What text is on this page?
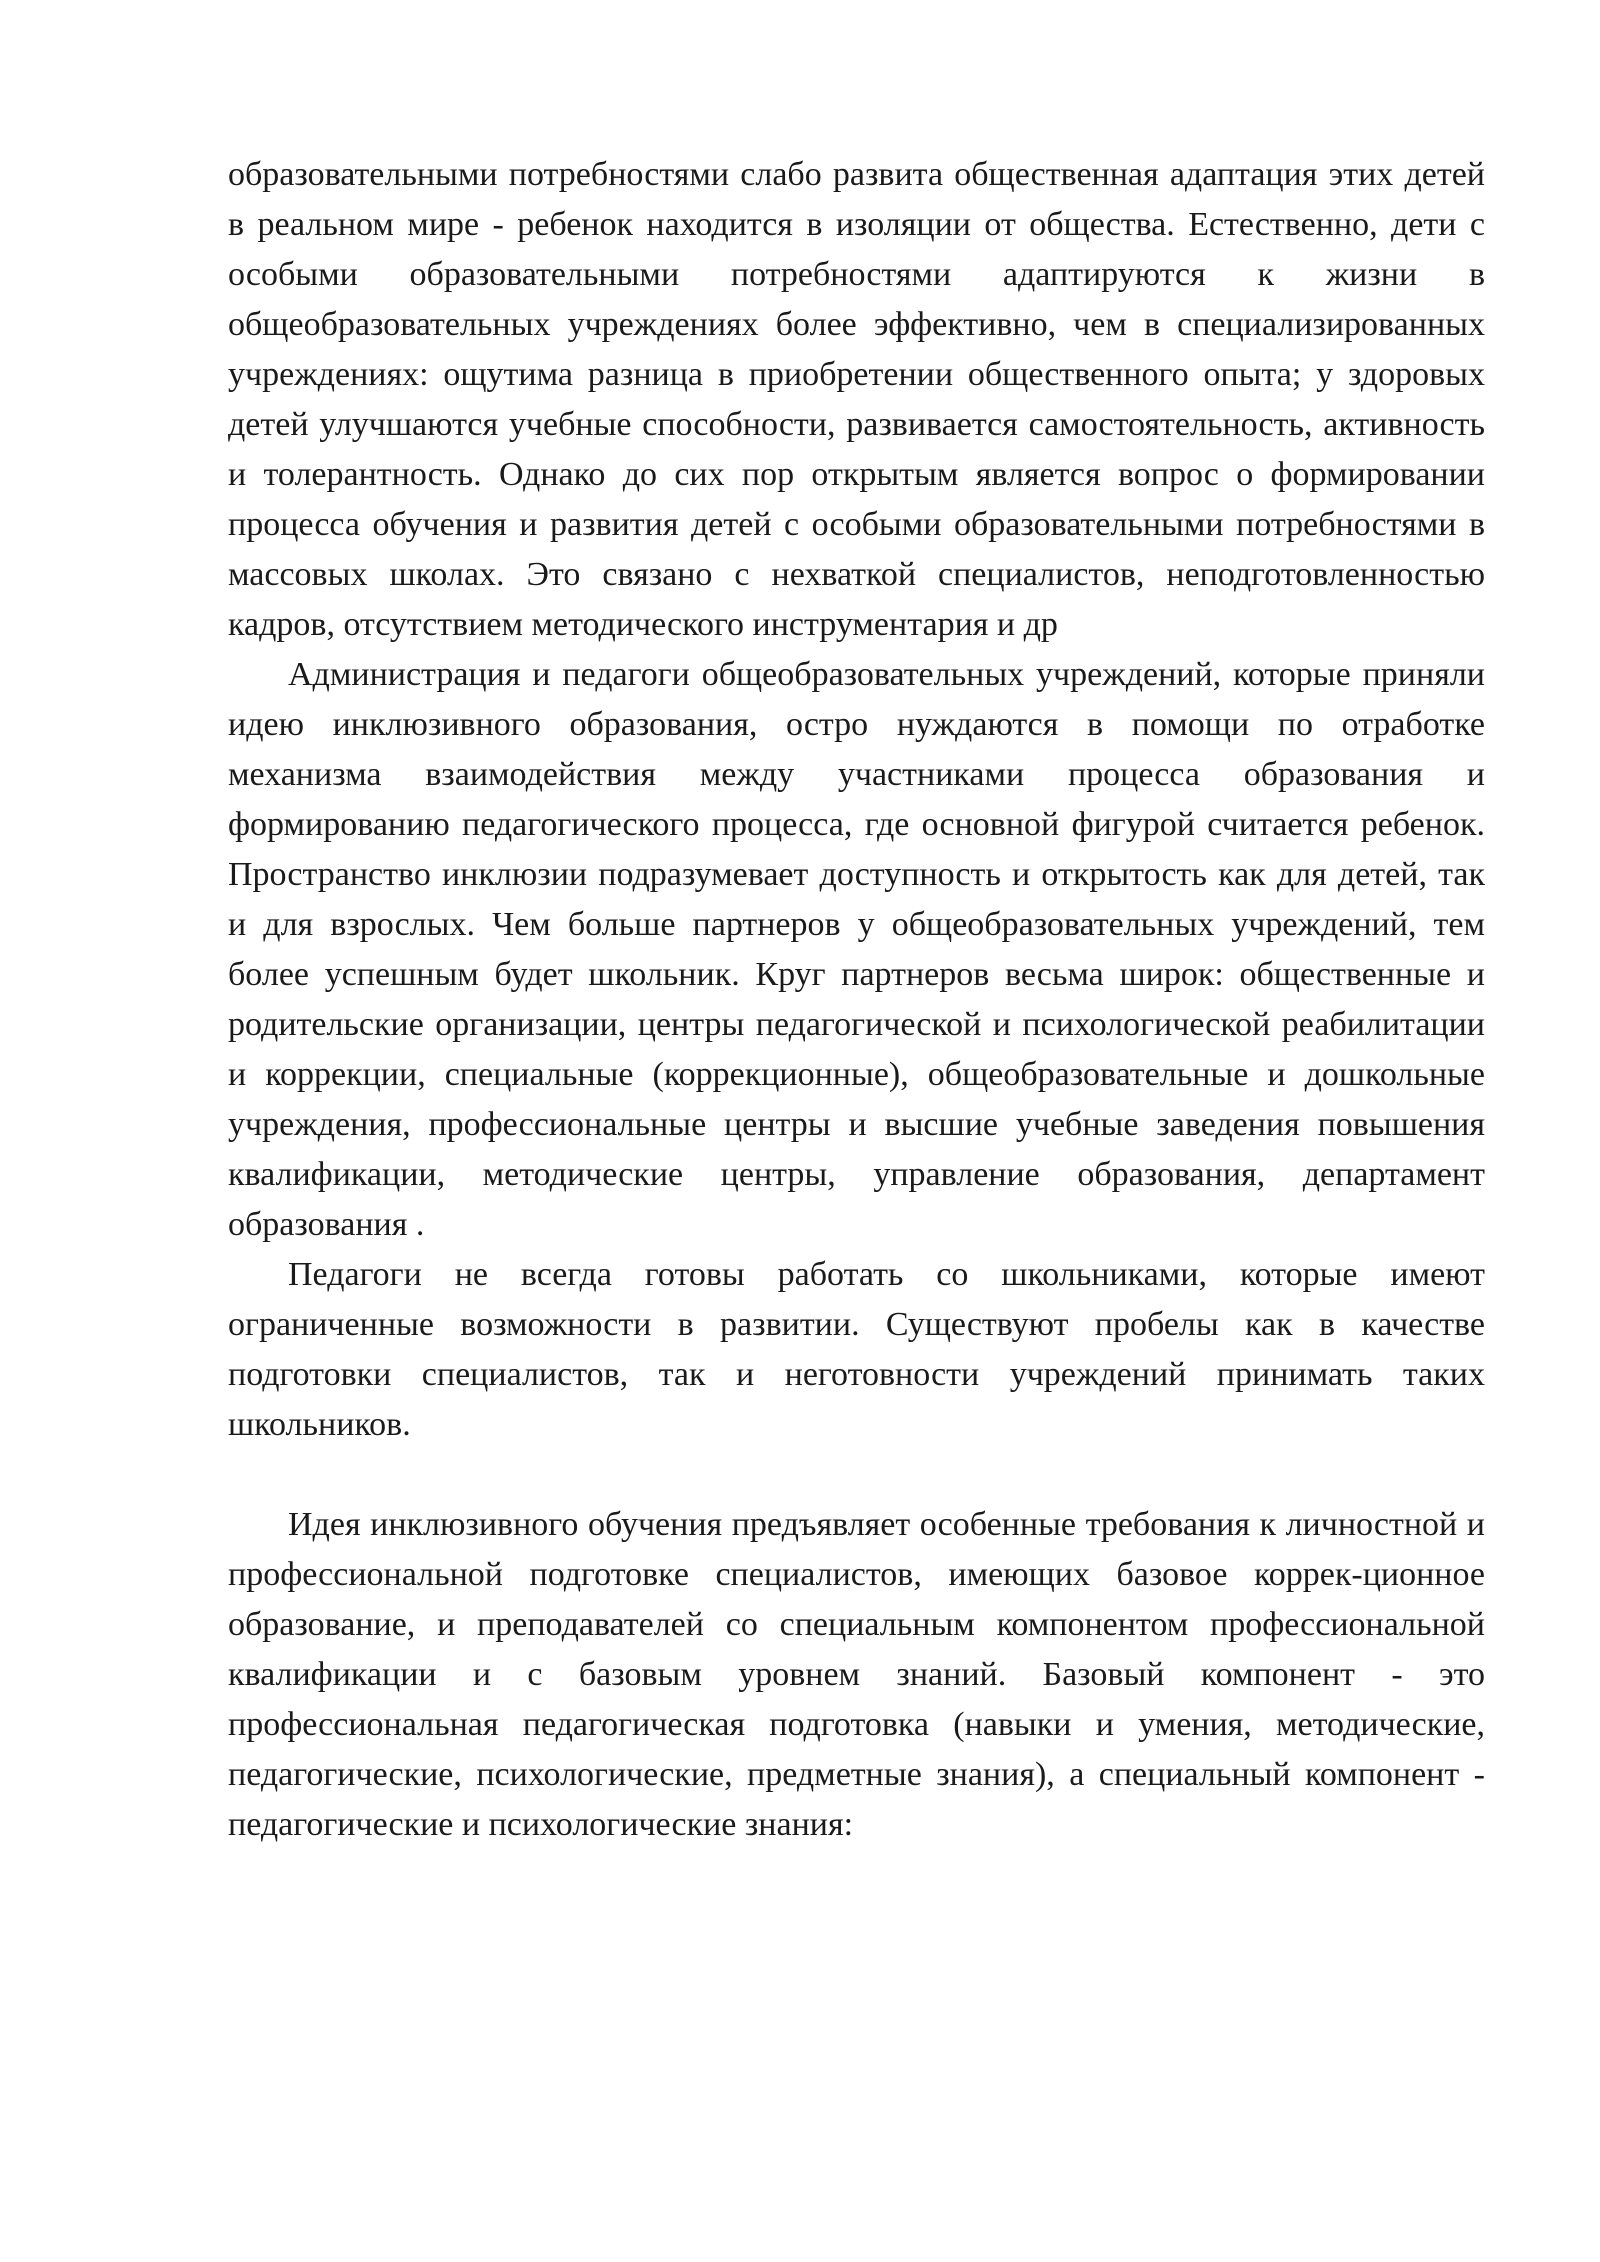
образовательными потребностями слабо развита общественная адаптация этих детей в реальном мире - ребенок находится в изоляции от общества. Естественно, дети с особыми образовательными потребностями адаптируются к жизни в общеобразовательных учреждениях более эффективно, чем в специализированных учреждениях: ощутима разница в приобретении общественного опыта; у здоровых детей улучшаются учебные способности, развивается самостоятельность, активность и толерантность. Однако до сих пор открытым является вопрос о формировании процесса обучения и развития детей с особыми образовательными потребностями в массовых школах. Это связано с нехваткой специалистов, неподготовленностью кадров, отсутствием методического инструментария и др

Администрация и педагоги общеобразовательных учреждений, которые приняли идею инклюзивного образования, остро нуждаются в помощи по отработке механизма взаимодействия между участниками процесса образования и формированию педагогического процесса, где основной фигурой считается ребенок. Пространство инклюзии подразумевает доступность и открытость как для детей, так и для взрослых. Чем больше партнеров у общеобразовательных учреждений, тем более успешным будет школьник. Круг партнеров весьма широк: общественные и родительские организации, центры педагогической и психологической реабилитации и коррекции, специальные (коррекционные), общеобразовательные и дошкольные учреждения, профессиональные центры и высшие учебные заведения повышения квалификации, методические центры, управление образования, департамент образования .

Педагоги не всегда готовы работать со школьниками, которые имеют ограниченные возможности в развитии. Существуют пробелы как в качестве подготовки специалистов, так и неготовности учреждений принимать таких школьников.

Идея инклюзивного обучения предъявляет особенные требования к личностной и профессиональной подготовке специалистов, имеющих базовое коррек-ционное образование, и преподавателей со специальным компонентом профессиональной квалификации и с базовым уровнем знаний. Базовый компонент - это профессиональная педагогическая подготовка (навыки и умения, методические, педагогические, психологические, предметные знания), а специальный компонент - педагогические и психологические знания:
